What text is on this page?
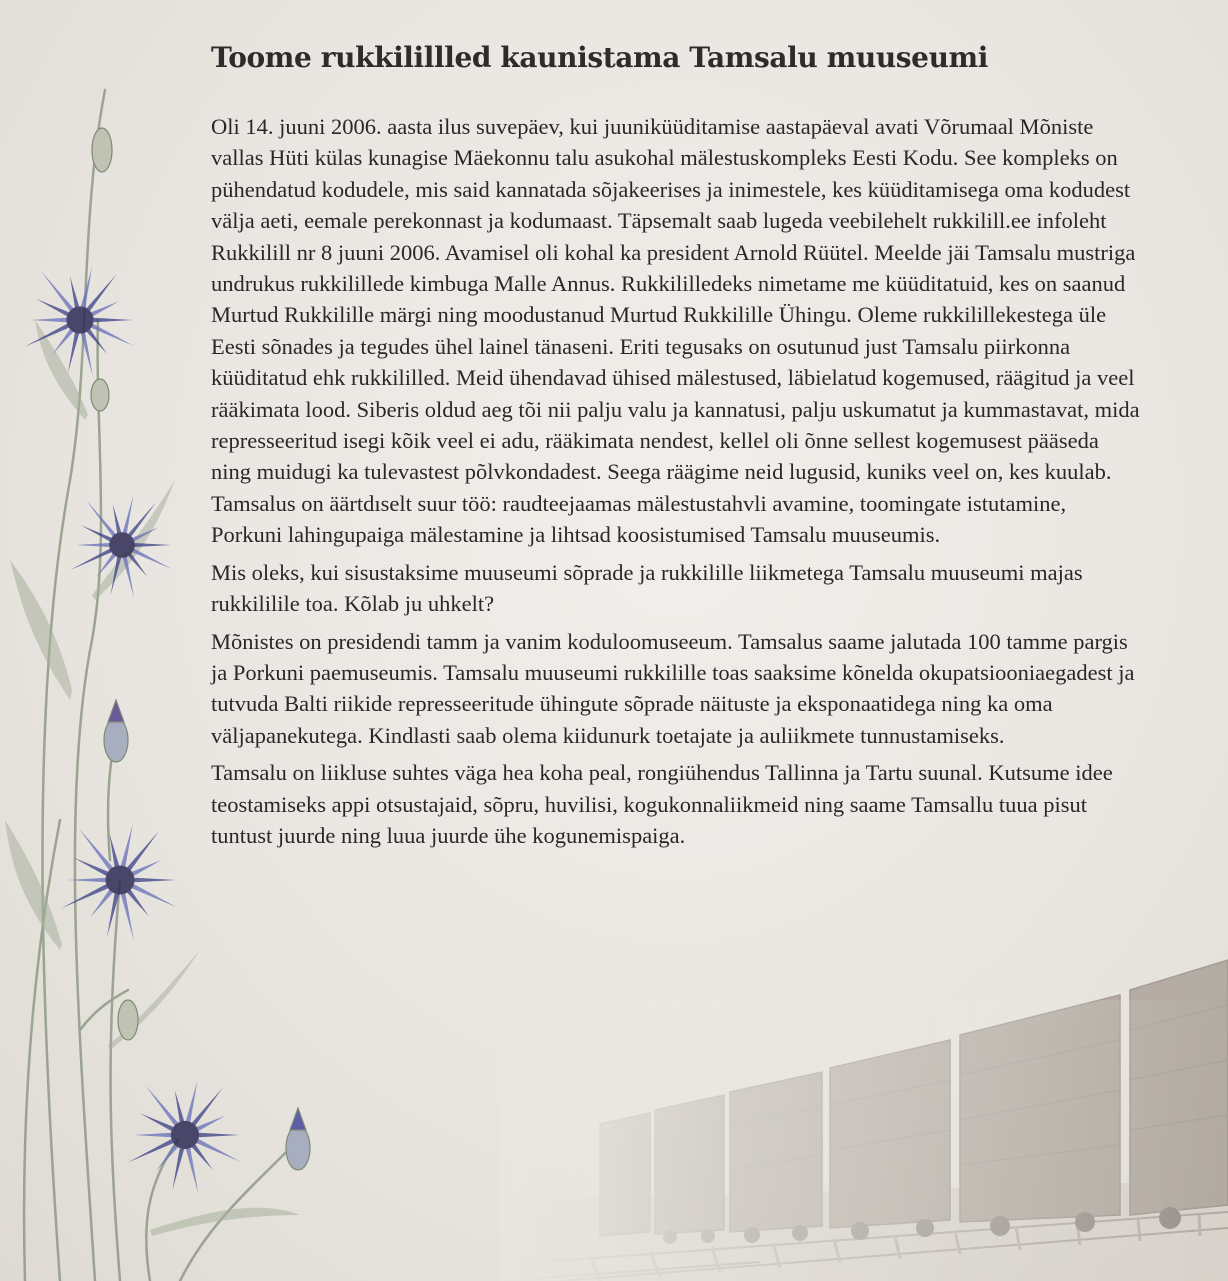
Toome rukkilillled kaunistama Tamsalu muuseumi

Oli 14. juuni 2006. aasta ilus suvepäev, kui juuniküüditamise aastapäeval avati Võrumaal Mõniste vallas Hüti külas kunagise Mäekonnu talu asukohal mälestuskompleks Eesti Kodu. See kompleks on pühendatud kodudele, mis said kannatada sõjakeerises ja inimestele, kes küüditamisega oma kodudest välja aeti, eemale perekonnast ja kodumaast. Täpsemalt saab lugeda veebilehelt rukkilill.ee infoleht Rukkilill nr 8 juuni 2006. Avamisel oli kohal ka president Arnold Rüütel. Meelde jäi Tamsalu mustriga undrukus rukkilillede kimbuga Malle Annus. Rukkililledeks nimetame me küüditatuid, kes on saanud Murtud Rukkilille märgi ning moodustanud Murtud Rukkilille Ühingu. Oleme rukkilillekestega üle Eesti sõnades ja tegudes ühel lainel tänaseni. Eriti tegusaks on osutunud just Tamsalu piirkonna küüditatud ehk rukkililled. Meid ühendavad ühised mälestused, läbielatud kogemused, räägitud ja veel rääkimata lood. Siberis oldud aeg tõi nii palju valu ja kannatusi, palju uskumatut ja kummastavat, mida represseeritud isegi kõik veel ei adu, rääkimata nendest, kellel oli õnne sellest kogemusest pääseda ning muidugi ka tulevastest põlvkondadest. Seega räägime neid lugusid, kuniks veel on, kes kuulab. Tamsalus on äärtdıselt suur töö: raudteejaamas mälestustahvli avamine, toomingate istutamine, Porkuni lahingupaiga mälestamine ja lihtsad koosistumised Tamsalu muuseumis.

Mis oleks, kui sisustaksime muuseumi sõprade ja rukkilille liikmetega Tamsalu muuseumi majas rukkililile toa. Kõlab ju uhkelt?

Mõnistes on presidendi tamm ja vanim koduloomuseeum. Tamsalus saame jalutada 100 tamme pargis ja Porkuni paemuseumis. Tamsalu muuseumi rukkilille toas saaksime kõnelda okupatsiooniaegadest ja tutvuda Balti riikide represseeritude ühingute sõprade näituste ja eksponaatidega ning ka oma väljapanekutega. Kindlasti saab olema kiidunurk toetajate ja auliikmete tunnustamiseks.

Tamsalu on liikluse suhtes väga hea koha peal, rongiühendus Tallinna ja Tartu suunal. Kutsume idee teostamiseks appi otsustajaid, sõpru, huvilisi, kogukonnaliikmeid ning saame Tamsallu tuua pisut tuntust juurde ning luua juurde ühe kogunemispaiga.
